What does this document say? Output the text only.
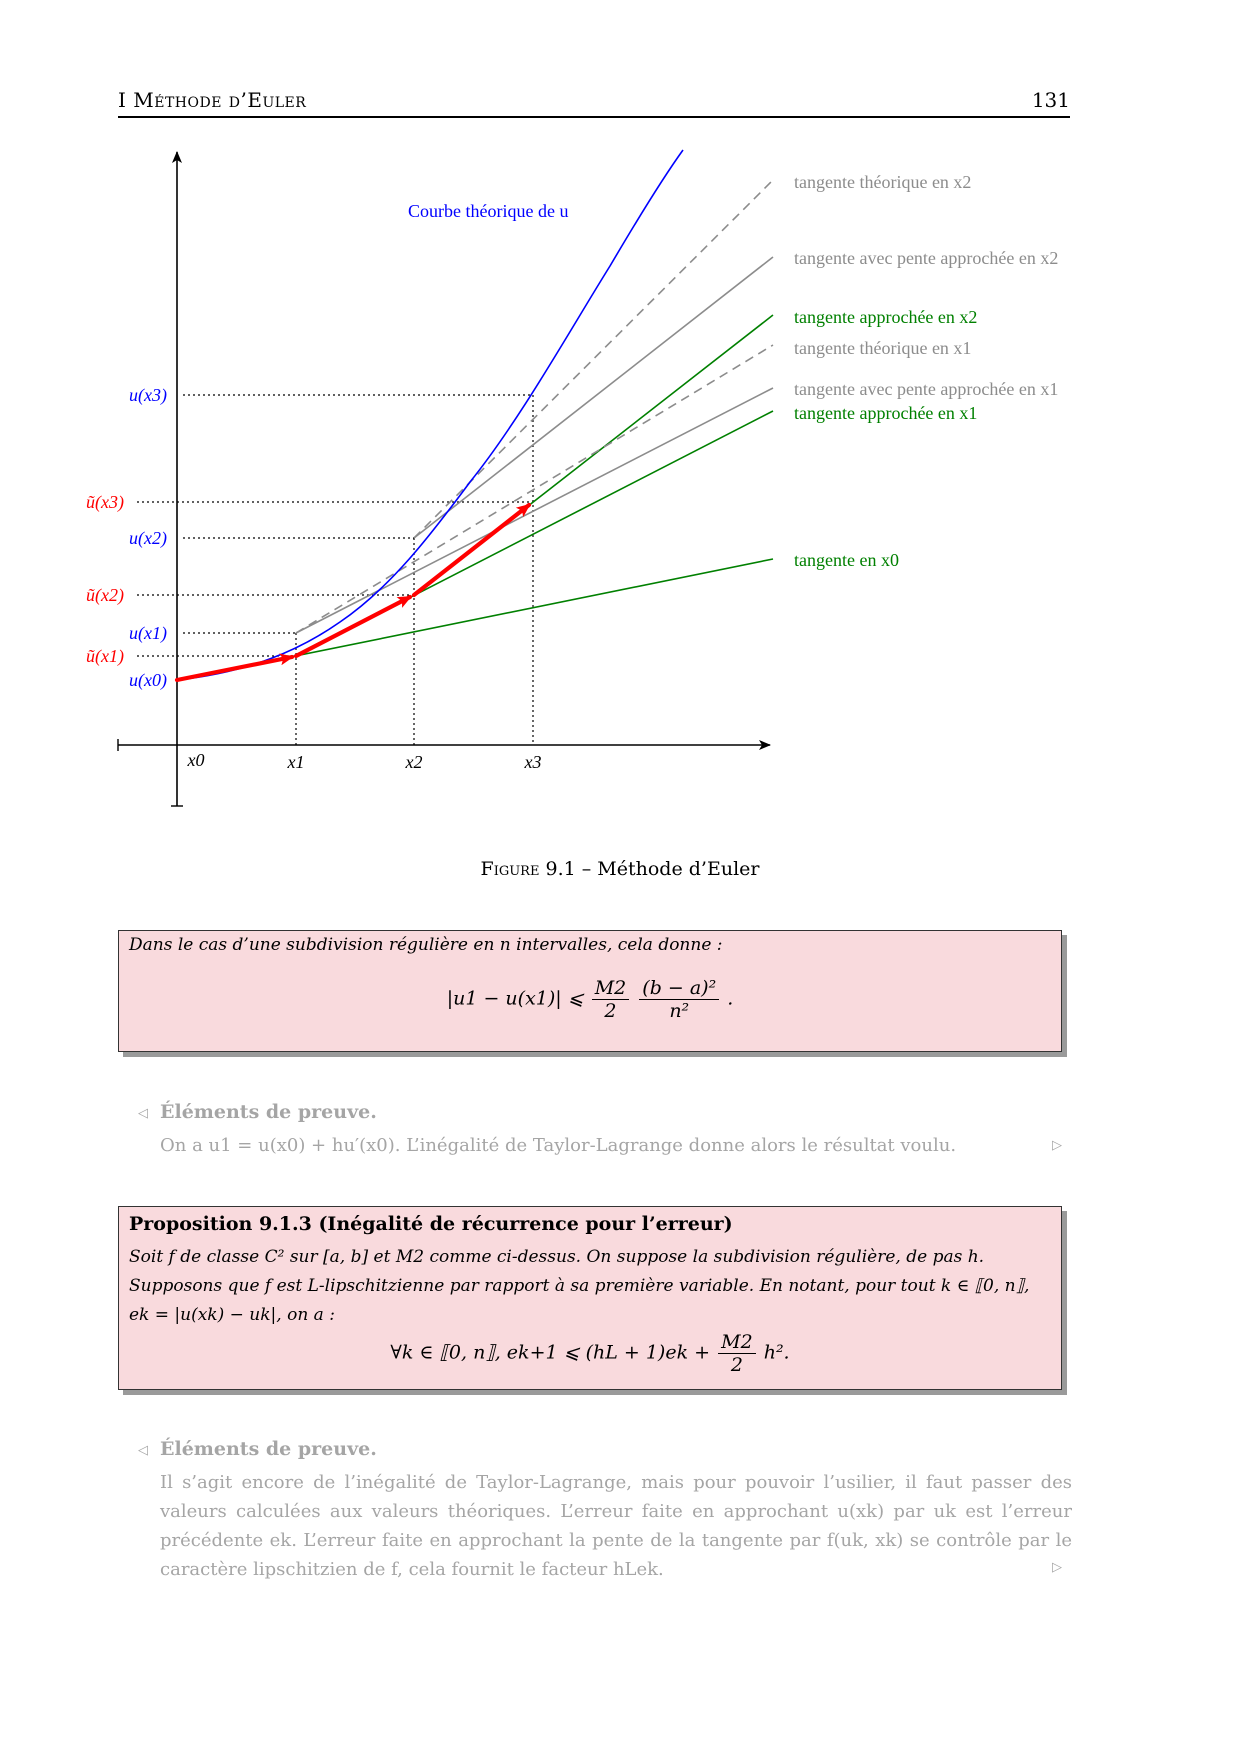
I Méthode d’Euler	131
Courbe théorique de u
u(x3)
ũ(x3)
u(x2)
ũ(x2)
u(x1)
ũ(x1)
u(x0)
x0	x1	x2	x3
tangente théorique en x2
tangente avec pente approchée en x2
tangente approchée en x2
tangente théorique en x1
tangente avec pente approchée en x1
tangente approchée en x1
tangente en x0
Figure 9.1 – Méthode d’Euler
Dans le cas d’une subdivision régulière en n intervalles, cela donne :
|u1 − u(x1)| ⩽ $\frac{M2}{2}$
$\frac{\text{(b − a)²}}{\text{n²}}$ .
◁ Éléments de preuve.
On a u1 = u(x0) + hu′(x0). L’inégalité de Taylor-Lagrange donne alors le résultat voulu.	▷
Proposition 9.1.3 (Inégalité de récurrence pour l’erreur)
Soit f de classe C² sur [a, b] et M2 comme ci-dessus. On suppose la subdivision régulière, de pas h. Supposons que f est L-lipschitzienne par rapport à sa première variable. En notant, pour tout k ∈ ⟦0, n⟧, ek = |u(xk) − uk|, on a :
∀k ∈ ⟦0, n⟧, ek+1 ⩽ $(hL + 1)ek + \frac{M2}{2} h^2$.
◁ Éléments de preuve.
Il s’agit encore de l’inégalité de Taylor-Lagrange, mais pour pouvoir l’usilier, il faut passer des valeurs calculées aux valeurs théoriques. L’erreur faite en approchant u(xk) par uk est l’erreur précédente ek. L’erreur faite en approchant la pente de la tangente par f(uk, xk) se contrôle par le caractère lipschitzien de f, cela fournit le facteur hLek.	▷
